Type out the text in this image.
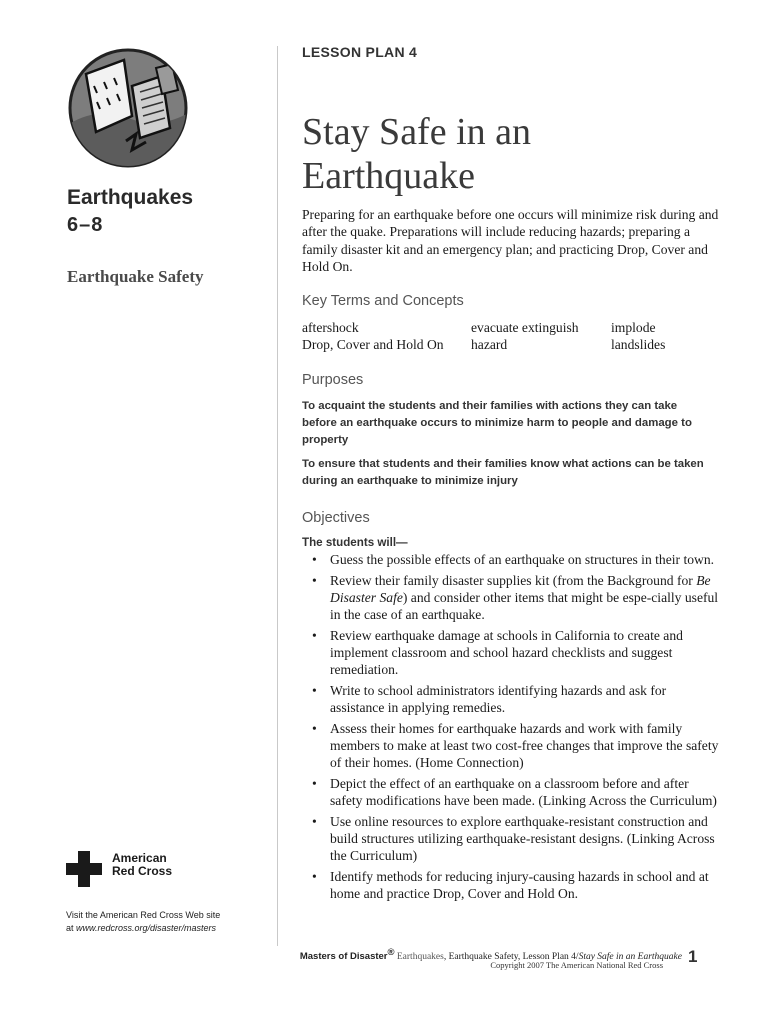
Earthquakes
6–8
Earthquake Safety
American
Red Cross
Visit the American Red Cross Web site
at www.redcross.org/disaster/masters
LESSON PLAN 4
Stay Safe in an
Earthquake
Preparing for an earthquake before one occurs will minimize risk during and after the quake. Preparations will include reducing hazards; preparing a family disaster kit and an emergency plan; and practicing Drop, Cover and Hold On.
Key Terms and Concepts
aftershock
Drop, Cover and Hold On
evacuate extinguish
hazard
implode
landslides
Purposes
To acquaint the students and their families with actions they can take before an earthquake occurs to minimize harm to people and damage to property
To ensure that students and their families know what actions can be taken during an earthquake to minimize injury
Objectives
The students will—
• Guess the possible effects of an earthquake on structures in their town.
• Review their family disaster supplies kit (from the Background for Be Disaster Safe) and consider other items that might be espe-cially useful in the case of an earthquake.
• Review earthquake damage at schools in California to create and implement classroom and school hazard checklists and suggest remediation.
• Write to school administrators identifying hazards and ask for assistance in applying remedies.
• Assess their homes for earthquake hazards and work with family members to make at least two cost-free changes that improve the safety of their homes. (Home Connection)
• Depict the effect of an earthquake on a classroom before and after safety modifications have been made. (Linking Across the Curriculum)
• Use online resources to explore earthquake-resistant construction and build structures utilizing earthquake-resistant designs. (Linking Across the Curriculum)
• Identify methods for reducing injury-causing hazards in school and at home and practice Drop, Cover and Hold On.
Masters of Disaster® Earthquakes, Earthquake Safety, Lesson Plan 4/Stay Safe in an Earthquake
Copyright 2007 The American National Red Cross 1
